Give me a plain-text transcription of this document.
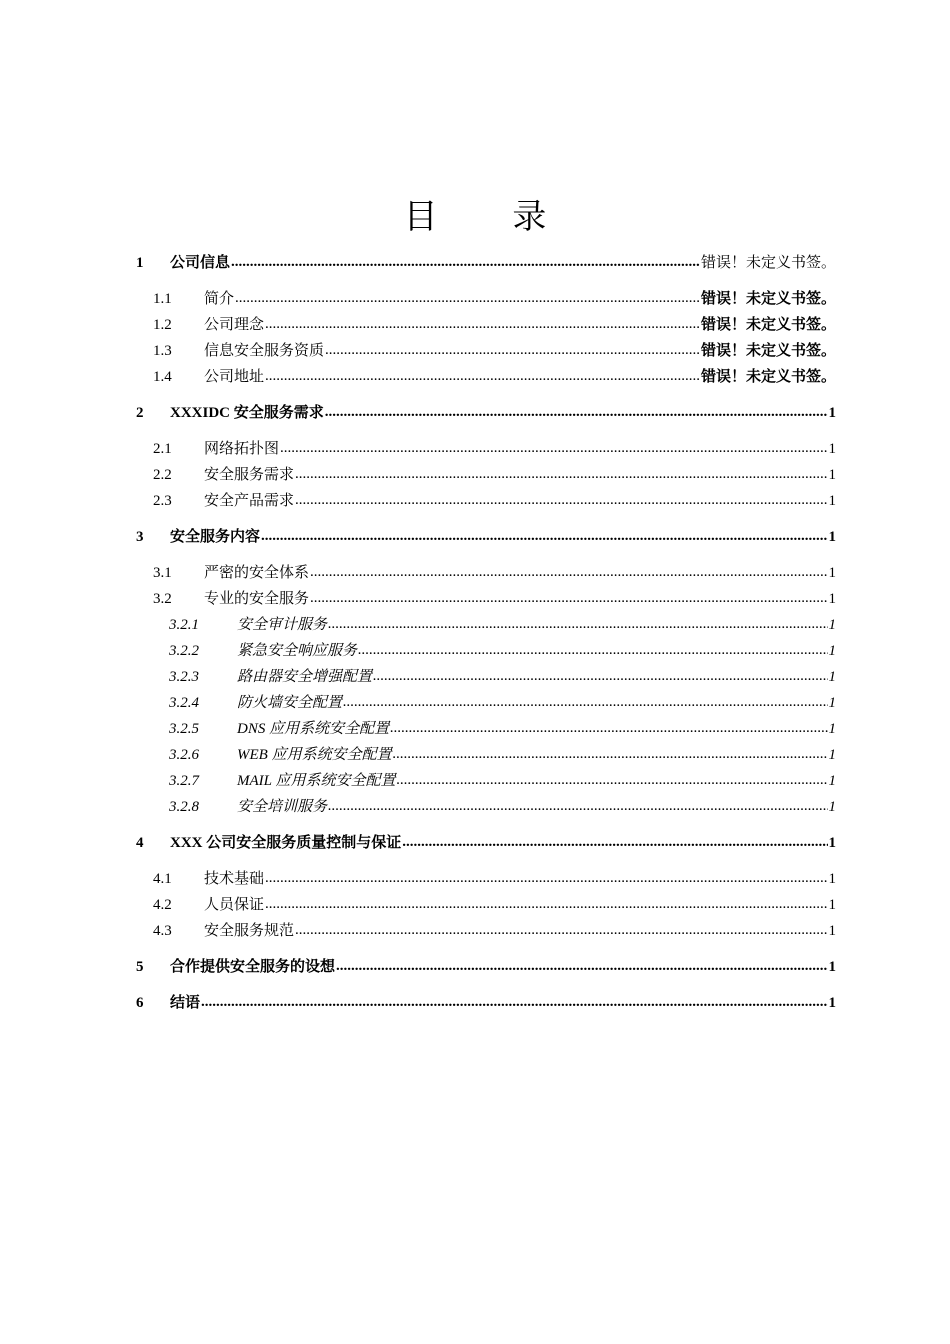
目 录
1	公司信息 .....	错误！未定义书签。
1.1	简介 .....	错误！未定义书签。
1.2	公司理念 .....	错误！未定义书签。
1.3	信息安全服务资质 .....	错误！未定义书签。
1.4	公司地址 .....	错误！未定义书签。
2	XXXIDC 安全服务需求 .....	1
2.1	网络拓扑图 .....	1
2.2	安全服务需求 .....	1
2.3	安全产品需求 .....	1
3	安全服务内容 .....	1
3.1	严密的安全体系 .....	1
3.2	专业的安全服务 .....	1
3.2.1	安全审计服务 .....	1
3.2.2	紧急安全响应服务 .....	1
3.2.3	路由器安全增强配置 .....	1
3.2.4	防火墙安全配置 .....	1
3.2.5	DNS 应用系统安全配置 .....	1
3.2.6	WEB 应用系统安全配置 .....	1
3.2.7	MAIL 应用系统安全配置 .....	1
3.2.8	安全培训服务 .....	1
4	XXX 公司安全服务质量控制与保证 .....	1
4.1	技术基础 .....	1
4.2	人员保证 .....	1
4.3	安全服务规范 .....	1
5	合作提供安全服务的设想 .....	1
6	结语 .....	1
